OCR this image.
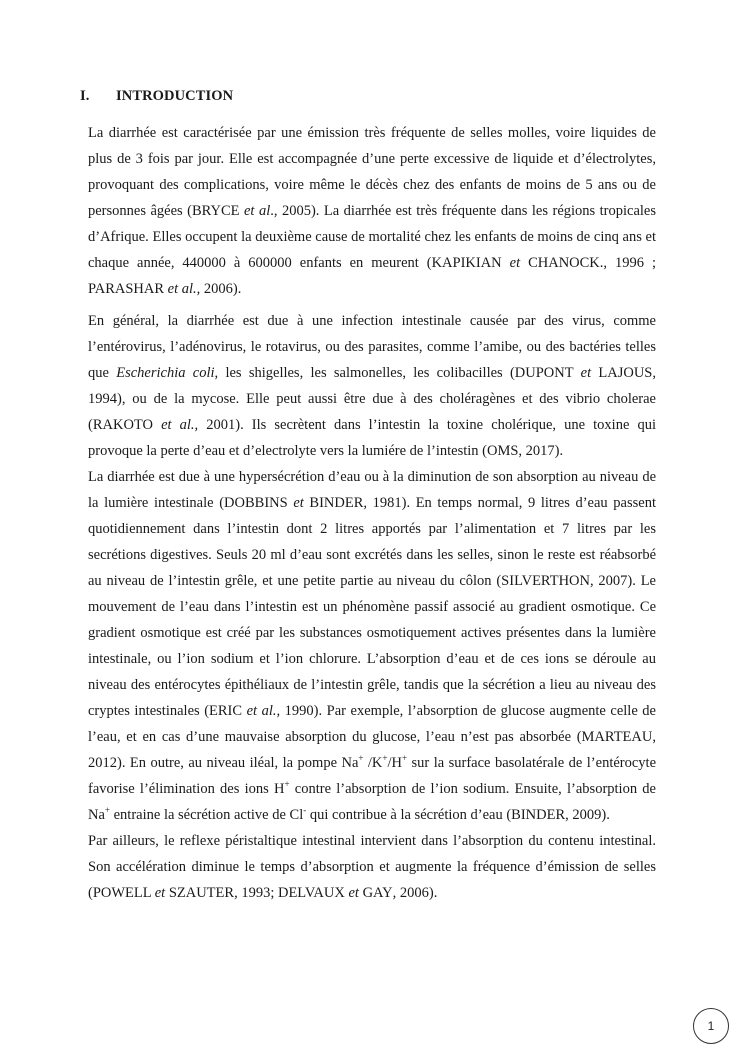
I. INTRODUCTION

La diarrhée est caractérisée par une émission très fréquente de selles molles, voire liquides de plus de 3 fois par jour. Elle est accompagnée d’une perte excessive de liquide et d’électrolytes, provoquant des complications, voire même le décès chez des enfants de moins de 5 ans ou de personnes âgées (BRYCE et al., 2005). La diarrhée est très fréquente dans les régions tropicales d’Afrique. Elles occupent la deuxième cause de mortalité chez les enfants de moins de cinq ans et chaque année, 440000 à 600000 enfants en meurent (KAPIKIAN et CHANOCK., 1996 ; PARASHAR et al., 2006).

En général, la diarrhée est due à une infection intestinale causée par des virus, comme l’entérovirus, l’adénovirus, le rotavirus, ou des parasites, comme l’amibe, ou des bactéries telles que Escherichia coli, les shigelles, les salmonelles, les colibacilles (DUPONT et LAJOUS, 1994), ou de la mycose. Elle peut aussi être due à des choléragènes et des vibrio cholerae (RAKOTO et al., 2001). Ils secrètent dans l’intestin la toxine cholérique, une toxine qui provoque la perte d’eau et d’electrolyte vers la lumiére de l’intestin (OMS, 2017).

La diarrhée est due à une hypersécrétion d’eau ou à la diminution de son absorption au niveau de la lumière intestinale (DOBBINS et BINDER, 1981). En temps normal, 9 litres d’eau passent quotidiennement dans l’intestin dont 2 litres apportés par l’alimentation et 7 litres par les secrétions digestives. Seuls 20 ml d’eau sont excrétés dans les selles, sinon le reste est réabsorbé au niveau de l’intestin grêle, et une petite partie au niveau du côlon (SILVERTHON, 2007). Le mouvement de l’eau dans l’intestin est un phénomène passif associé au gradient osmotique. Ce gradient osmotique est créé par les substances osmotiquement actives présentes dans la lumière intestinale, ou l’ion sodium et l’ion chlorure. L’absorption d’eau et de ces ions se déroule au niveau des entérocytes épithéliaux de l’intestin grêle, tandis que la sécrétion a lieu au niveau des cryptes intestinales (ERIC et al., 1990). Par exemple, l’absorption de glucose augmente celle de l’eau, et en cas d’une mauvaise absorption du glucose, l’eau n’est pas absorbée (MARTEAU, 2012). En outre, au niveau iléal, la pompe Na+ /K+/H+ sur la surface basolatérale de l’entérocyte favorise l’élimination des ions H+ contre l’absorption de l’ion sodium. Ensuite, l’absorption de Na+ entraine la sécrétion active de Cl- qui contribue à la sécrétion d’eau (BINDER, 2009).

Par ailleurs, le reflexe péristaltique intestinal intervient dans l’absorption du contenu intestinal. Son accélération diminue le temps d’absorption et augmente la fréquence d’émission de selles (POWELL et SZAUTER, 1993; DELVAUX et GAY, 2006).

1
